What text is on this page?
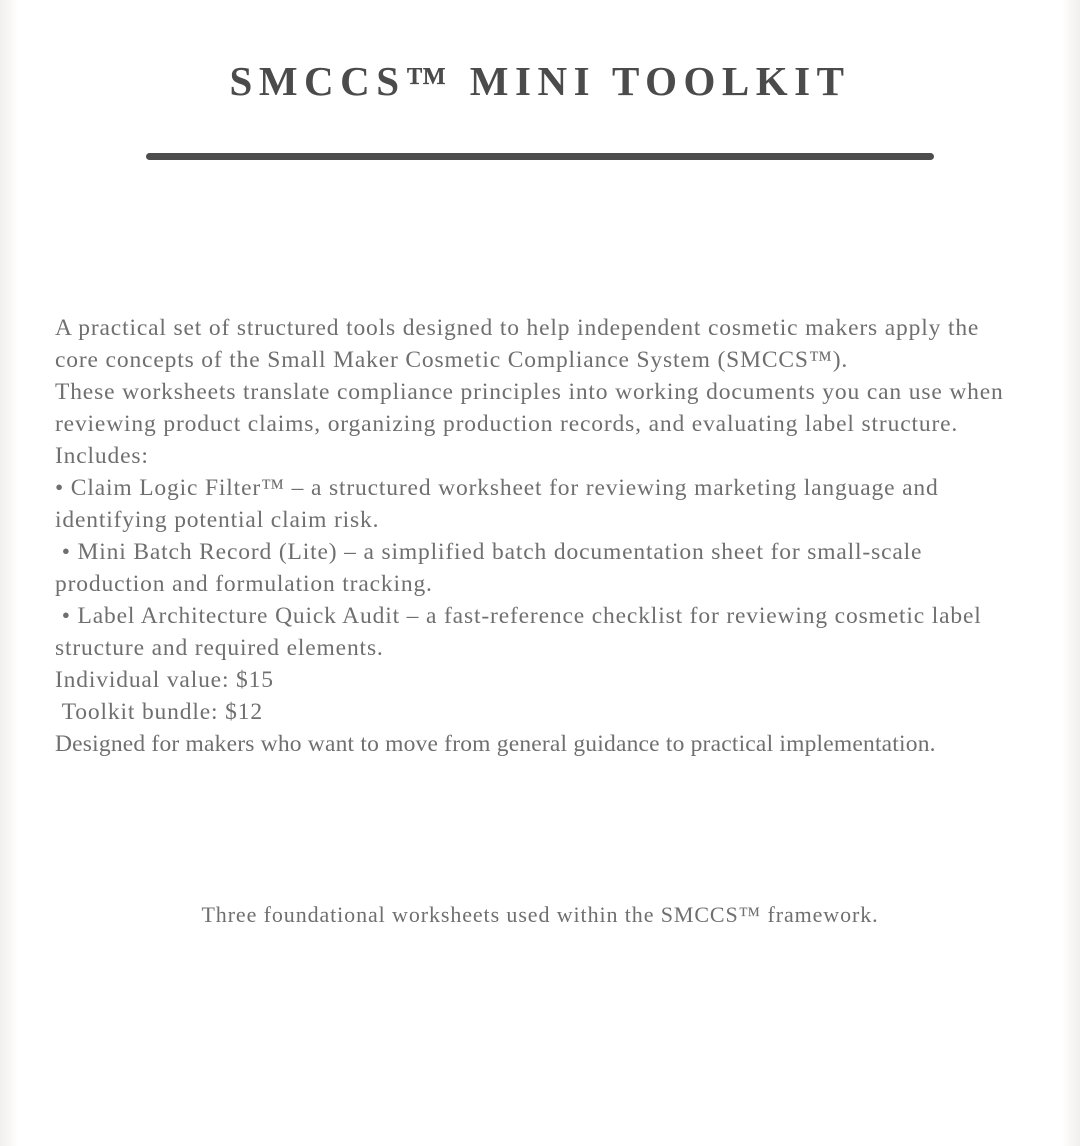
SMCCS™ MINI TOOLKIT

A practical set of structured tools designed to help independent cosmetic makers apply the core concepts of the Small Maker Cosmetic Compliance System (SMCCS™).

These worksheets translate compliance principles into working documents you can use when reviewing product claims, organizing production records, and evaluating label structure.

Includes:

• Claim Logic Filter™ – a structured worksheet for reviewing marketing language and identifying potential claim risk.

• Mini Batch Record (Lite) – a simplified batch documentation sheet for small-scale production and formulation tracking.

• Label Architecture Quick Audit – a fast-reference checklist for reviewing cosmetic label structure and required elements.

Individual value: $15

Toolkit bundle: $12

Designed for makers who want to move from general guidance to practical implementation.

Three foundational worksheets used within the SMCCS™ framework.
